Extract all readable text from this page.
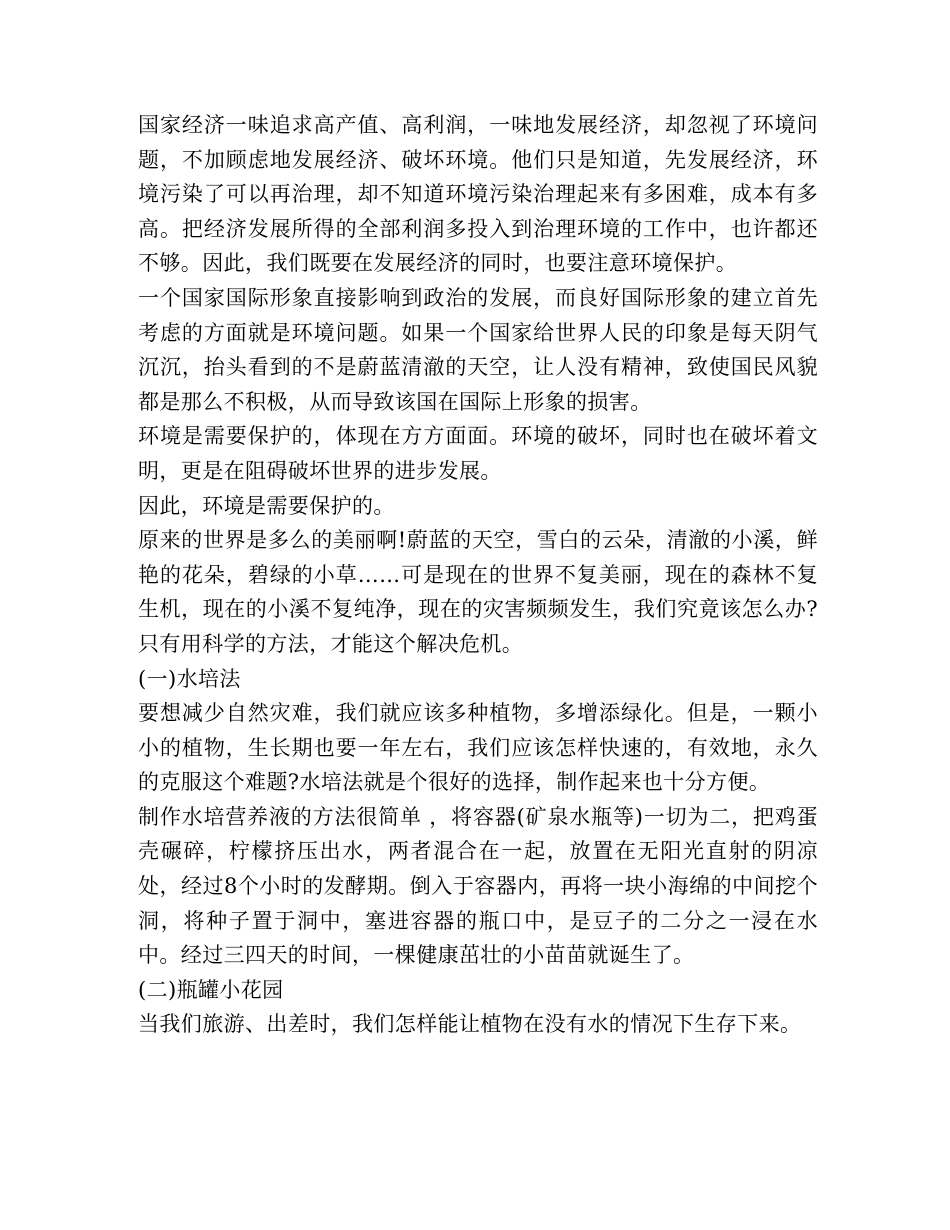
国家经济一味追求高产值、高利润，一味地发展经济，却忽视了环境问题，不加顾虑地发展经济、破坏环境。他们只是知道，先发展经济，环境污染了可以再治理，却不知道环境污染治理起来有多困难，成本有多高。把经济发展所得的全部利润多投入到治理环境的工作中，也许都还不够。因此，我们既要在发展经济的同时，也要注意环境保护。

一个国家国际形象直接影响到政治的发展，而良好国际形象的建立首先考虑的方面就是环境问题。如果一个国家给世界人民的印象是每天阴气沉沉，抬头看到的不是蔚蓝清澈的天空，让人没有精神，致使国民风貌都是那么不积极，从而导致该国在国际上形象的损害。

环境是需要保护的，体现在方方面面。环境的破坏，同时也在破坏着文明，更是在阻碍破坏世界的进步发展。

因此，环境是需要保护的。

原来的世界是多么的美丽啊!蔚蓝的天空，雪白的云朵，清澈的小溪，鲜艳的花朵，碧绿的小草……可是现在的世界不复美丽，现在的森林不复生机，现在的小溪不复纯净，现在的灾害频频发生，我们究竟该怎么办?只有用科学的方法，才能这个解决危机。

(一)水培法

要想减少自然灾难，我们就应该多种植物，多增添绿化。但是，一颗小小的植物，生长期也要一年左右，我们应该怎样快速的，有效地，永久的克服这个难题?水培法就是个很好的选择，制作起来也十分方便。

制作水培营养液的方法很简单 ，将容器(矿泉水瓶等)一切为二，把鸡蛋壳碾碎，柠檬挤压出水，两者混合在一起，放置在无阳光直射的阴凉处，经过8个小时的发酵期。倒入于容器内，再将一块小海绵的中间挖个洞，将种子置于洞中，塞进容器的瓶口中，是豆子的二分之一浸在水中。经过三四天的时间，一棵健康茁壮的小苗苗就诞生了。

(二)瓶罐小花园

当我们旅游、出差时，我们怎样能让植物在没有水的情况下生存下来。
